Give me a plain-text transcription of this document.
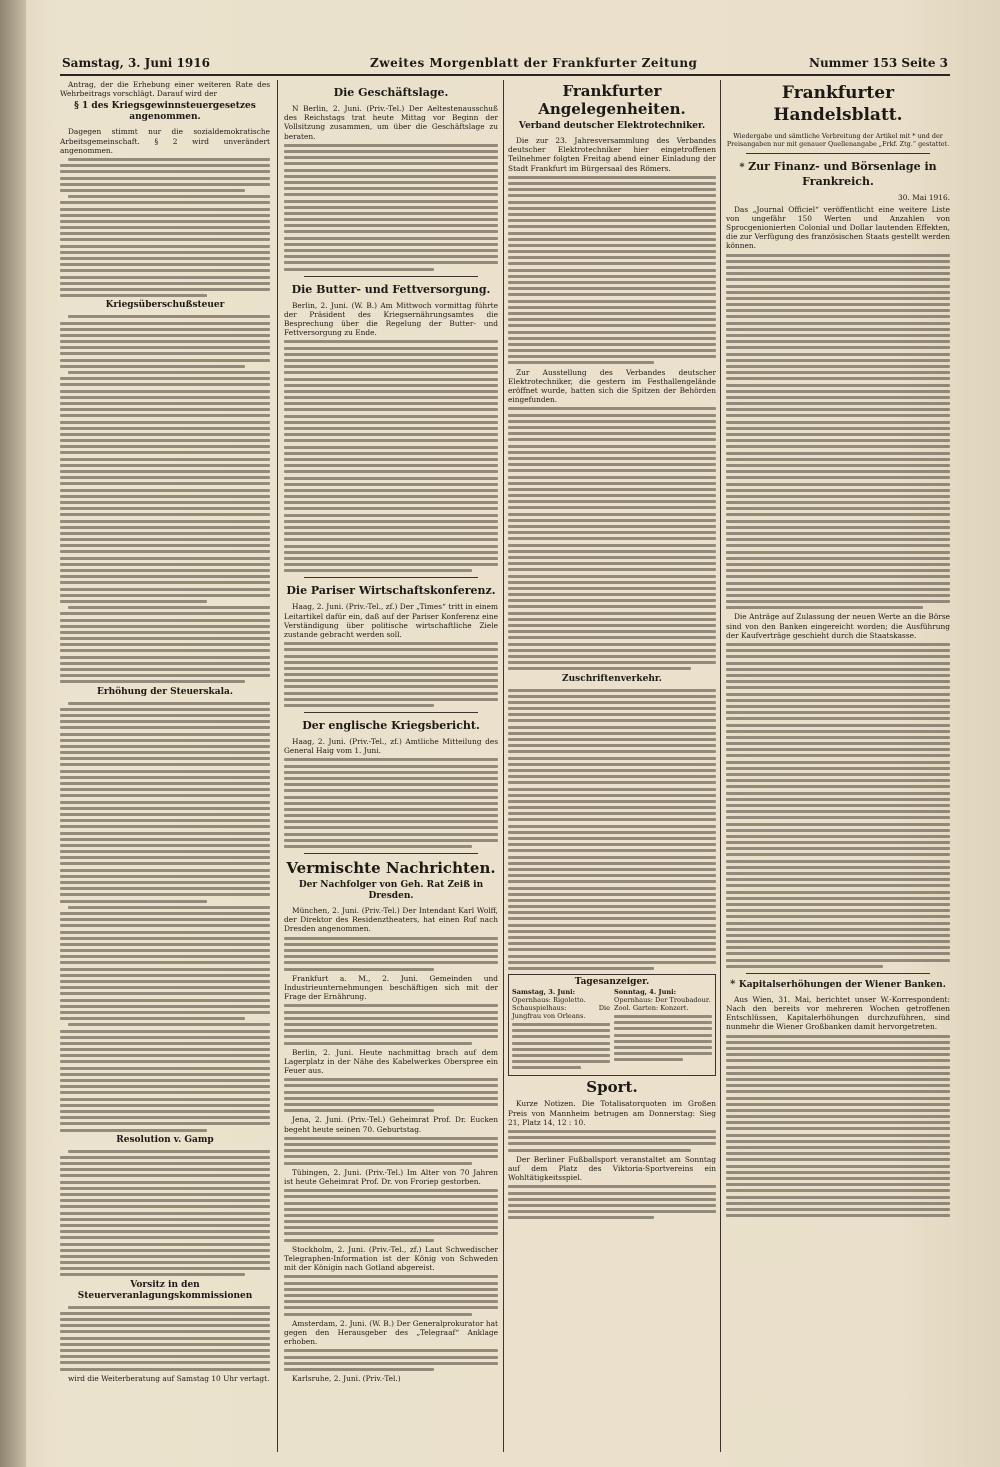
Samstag, 3. Juni 1916	Zweites Morgenblatt der Frankfurter Zeitung	Nummer 153 Seite 3

Antrag, der die Erhebung einer weiteren Rate des Wehrbeitrags vorschlägt. Darauf wird der

§ 1 des Kriegsgewinnsteuergesetzes angenommen.

Dagegen stimmt nur die sozialdemokratische Arbeitsgemeinschaft. § 2 wird unverändert angenommen.

Kriegsüberschußsteuer

Erhöhung der Steuerskala.

Resolution v. Gamp

Vorsitz in den Steuerveranlagungskommissionen

wird die Weiterberatung auf Samstag 10 Uhr vertagt.

Die Geschäftslage.

N Berlin, 2. Juni. (Priv.-Tel.) Der Aeltestenausschuß des Reichstags trat heute Mittag vor Beginn der Vollsitzung zusammen, um über die Geschäftslage zu beraten.

Die Butter- und Fettversorgung.

Berlin, 2. Juni. (W. B.) Am Mittwoch vormittag führte der Präsident des Kriegsernährungsamtes die Besprechung über die Regelung der Butter- und Fettversorgung zu Ende.

Die Pariser Wirtschaftskonferenz.

Haag, 2. Juni. (Priv.-Tel., zf.) Der „Times“ tritt in einem Leitartikel dafür ein, daß auf der Pariser Konferenz eine Verständigung über politische wirtschaftliche Ziele zustande gebracht werden soll.

Der englische Kriegsbericht.

Haag, 2. Juni. (Priv.-Tel., zf.) Amtliche Mitteilung des General Haig vom 1. Juni.

Vermischte Nachrichten.

Der Nachfolger von Geh. Rat Zeiß in Dresden.

München, 2. Juni. (Priv.-Tel.) Der Intendant Karl Wolff, der Direktor des Residenztheaters, hat einen Ruf nach Dresden angenommen.

Frankfurt a. M., 2. Juni. Gemeinden und Industrieunternehmungen beschäftigen sich mit der Frage der Ernährung.

Berlin, 2. Juni. Heute nachmittag brach auf dem Lagerplatz in der Nähe des Kabelwerkes Oberspree ein Feuer aus.

Jena, 2. Juni. (Priv.-Tel.) Geheimrat Prof. Dr. Eucken begeht heute seinen 70. Geburtstag.

Tübingen, 2. Juni. (Priv.-Tel.) Im Alter von 70 Jahren ist heute Geheimrat Prof. Dr. von Froriep gestorben.

Stockholm, 2. Juni. (Priv.-Tel., zf.) Laut Schwedischer Telegraphen-Information ist der König von Schweden mit der Königin nach Gotland abgereist.

Amsterdam, 2. Juni. (W. B.) Der Generalprokurator hat gegen den Herausgeber des „Telegraaf“ Anklage erhoben.

Karlsruhe, 2. Juni. (Priv.-Tel.)

Frankfurter Angelegenheiten.

Verband deutscher Elektrotechniker.

Die zur 23. Jahresversammlung des Verbandes deutscher Elektrotechniker hier eingetroffenen Teilnehmer folgten Freitag abend einer Einladung der Stadt Frankfurt im Bürgersaal des Römers.

Zur Ausstellung des Verbandes deutscher Elektrotechniker, die gestern im Festhallengelände eröffnet wurde, hatten sich die Spitzen der Behörden eingefunden.

Zuschriftenverkehr.

Tagesanzeiger.
Samstag, 3. Juni:
Opernhaus: Rigoletto.
Schauspielhaus: Die Jungfrau von Orleans.
Sonntag, 4. Juni:
Opernhaus: Der Troubadour.
Zool. Garten: Konzert.

Sport.

Kurze Notizen. Die Totalisatorquoten im Großen Preis von Mannheim betrugen am Donnerstag: Sieg 21, Platz 14, 12 : 10.

Der Berliner Fußballsport veranstaltet am Sonntag auf dem Platz des Viktoria-Sportvereins ein Wohltätigkeitsspiel.

Frankfurter Handelsblatt.

Wiedergabe und sämtliche Verbreitung der Artikel mit * und der Preisangaben nur mit genauer Quellenangabe „Frkf. Ztg.“ gestattet.

* Zur Finanz- und Börsenlage in Frankreich.

30. Mai 1916.

Das „Journal Officiel“ veröffentlicht eine weitere Liste von ungefähr 150 Werten und Anzahlen von Sprocgenionierten Colonial und Dollar lautenden Effekten, die zur Verfügung des französischen Staats gestellt werden können.

Die Anträge auf Zulassung der neuen Werte an die Börse sind von den Banken eingereicht worden; die Ausführung der Kaufverträge geschieht durch die Staatskasse.

* Kapitalserhöhungen der Wiener Banken.

Aus Wien, 31. Mai, berichtet unser W.-Korrespondent: Nach den bereits vor mehreren Wochen getroffenen Entschlüssen, Kapitalerhöhungen durchzuführen, sind nunmehr die Wiener Großbanken damit hervorgetreten.
